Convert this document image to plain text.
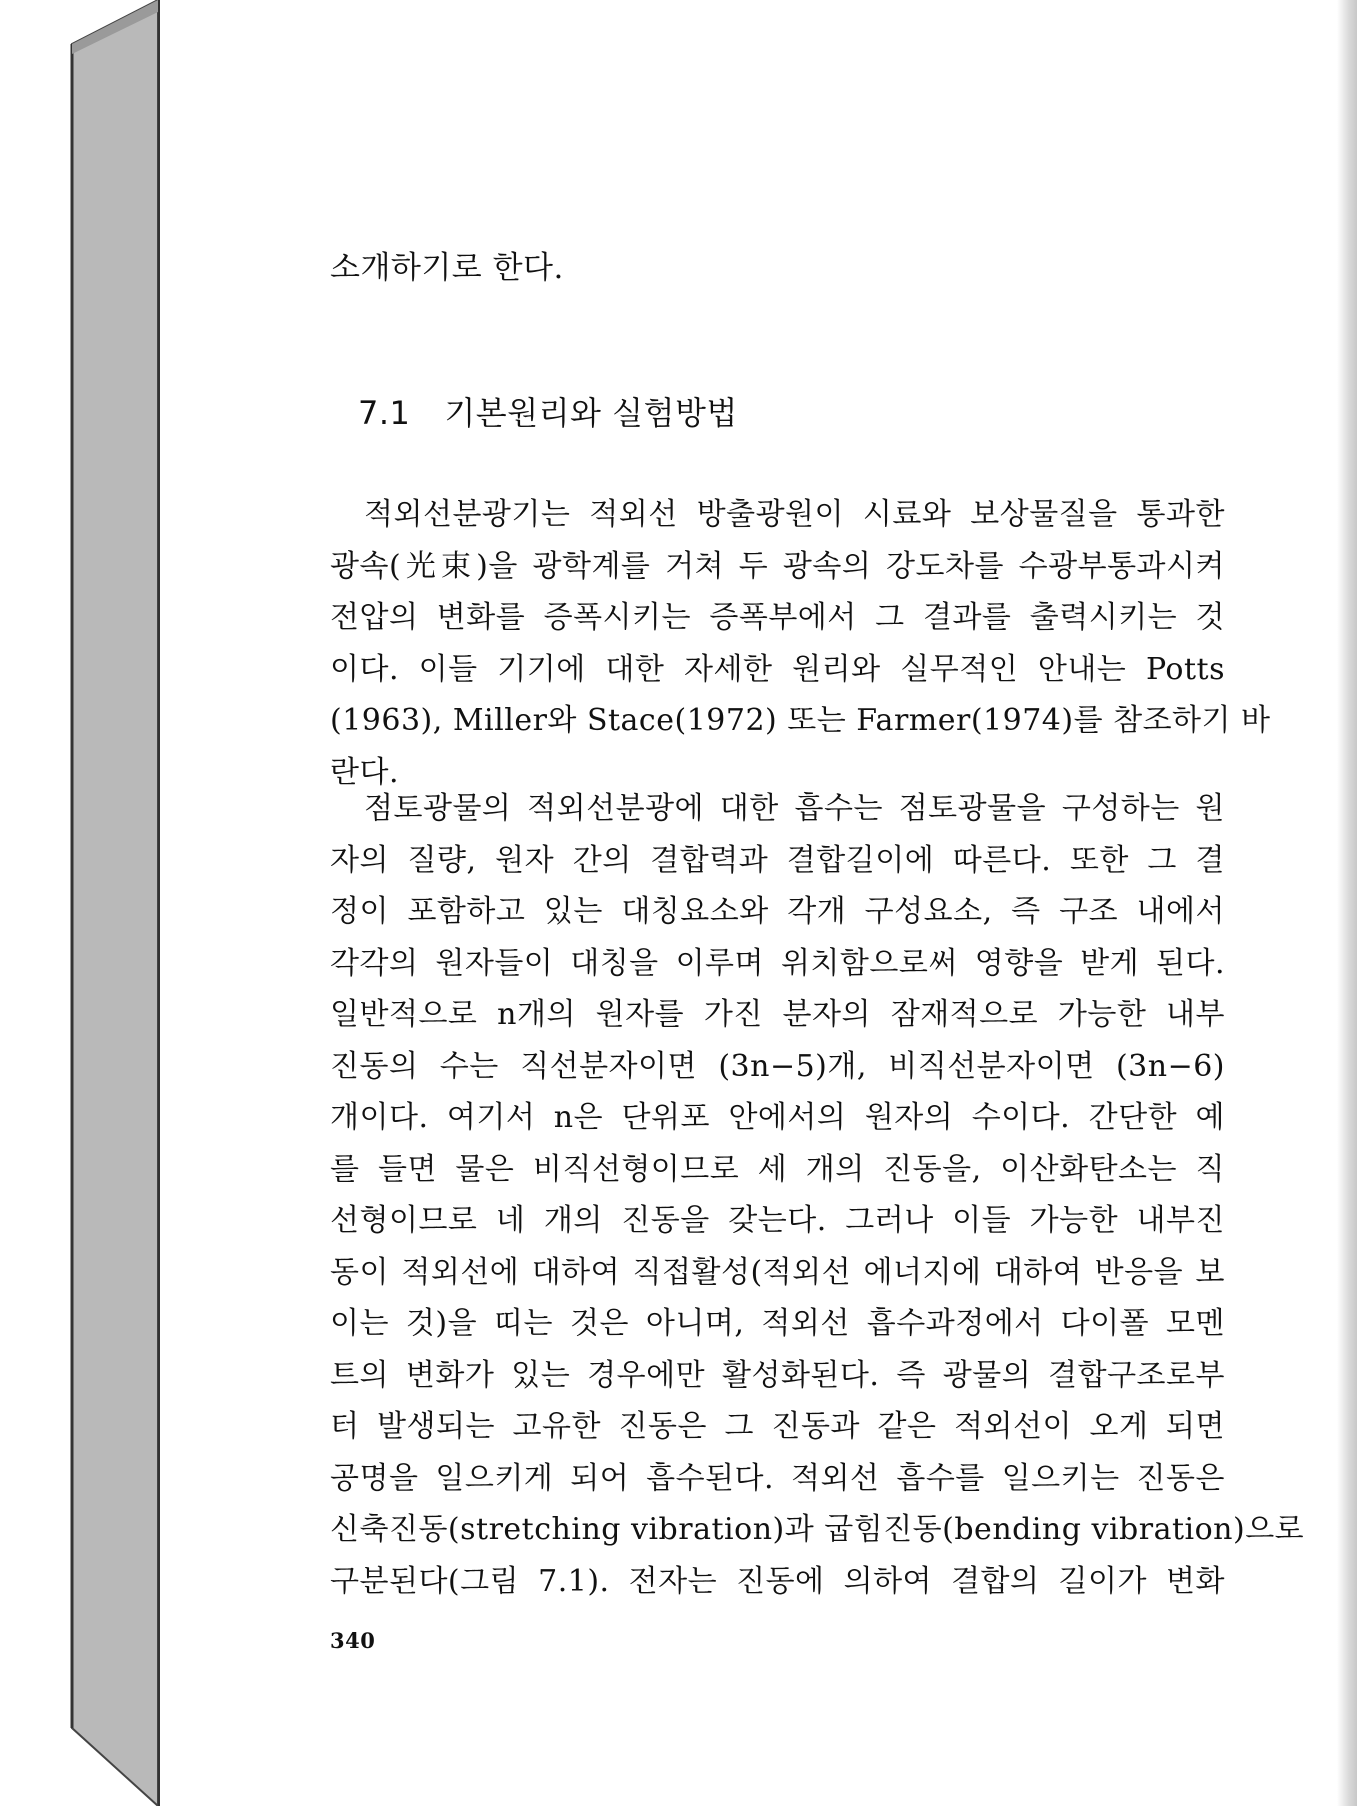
소개하기로 한다.
7.1 기본원리와 실험방법
적외선분광기는 적외선 방출광원이 시료와 보상물질을 통과한
광속(光束)을 광학계를 거쳐 두 광속의 강도차를 수광부통과시켜
전압의 변화를 증폭시키는 증폭부에서 그 결과를 출력시키는 것
이다. 이들 기기에 대한 자세한 원리와 실무적인 안내는 Potts
(1963), Miller와 Stace(1972) 또는 Farmer(1974)를 참조하기 바
란다.
점토광물의 적외선분광에 대한 흡수는 점토광물을 구성하는 원
자의 질량, 원자 간의 결합력과 결합길이에 따른다. 또한 그 결
정이 포함하고 있는 대칭요소와 각개 구성요소, 즉 구조 내에서
각각의 원자들이 대칭을 이루며 위치함으로써 영향을 받게 된다.
일반적으로 n개의 원자를 가진 분자의 잠재적으로 가능한 내부
진동의 수는 직선분자이면 (3n−5)개, 비직선분자이면 (3n−6)
개이다. 여기서 n은 단위포 안에서의 원자의 수이다. 간단한 예
를 들면 물은 비직선형이므로 세 개의 진동을, 이산화탄소는 직
선형이므로 네 개의 진동을 갖는다. 그러나 이들 가능한 내부진
동이 적외선에 대하여 직접활성(적외선 에너지에 대하여 반응을 보
이는 것)을 띠는 것은 아니며, 적외선 흡수과정에서 다이폴 모멘
트의 변화가 있는 경우에만 활성화된다. 즉 광물의 결합구조로부
터 발생되는 고유한 진동은 그 진동과 같은 적외선이 오게 되면
공명을 일으키게 되어 흡수된다. 적외선 흡수를 일으키는 진동은
신축진동(stretching vibration)과 굽힘진동(bending vibration)으로
구분된다(그림 7.1). 전자는 진동에 의하여 결합의 길이가 변화
340
